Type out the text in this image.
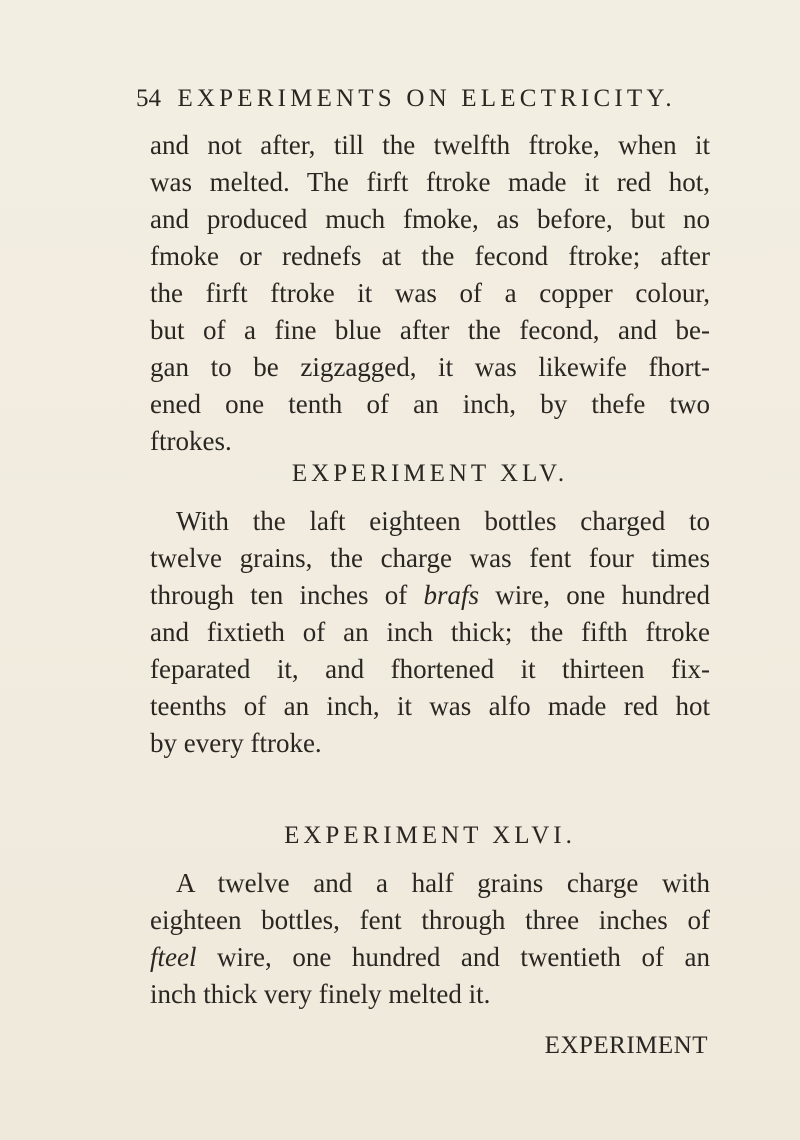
54 EXPERIMENTS ON ELECTRICITY.
and not after, till the twelfth ftroke, when it
was melted. The firft ftroke made it red hot,
and produced much fmoke, as before, but no
fmoke or rednefs at the fecond ftroke; after
the firft ftroke it was of a copper colour,
but of a fine blue after the fecond, and be-
gan to be zigzagged, it was likewife fhort-
ened one tenth of an inch, by thefe two
ftrokes.
EXPERIMENT XLV.
With the laft eighteen bottles charged to
twelve grains, the charge was fent four times
through ten inches of brafs wire, one hundred
and fixtieth of an inch thick; the fifth ftroke
feparated it, and fhortened it thirteen fix-
teenths of an inch, it was alfo made red hot
by every ftroke.
EXPERIMENT XLVI.
A twelve and a half grains charge with
eighteen bottles, fent through three inches of
fteel wire, one hundred and twentieth of an
inch thick very finely melted it.
EXPERIMENT
